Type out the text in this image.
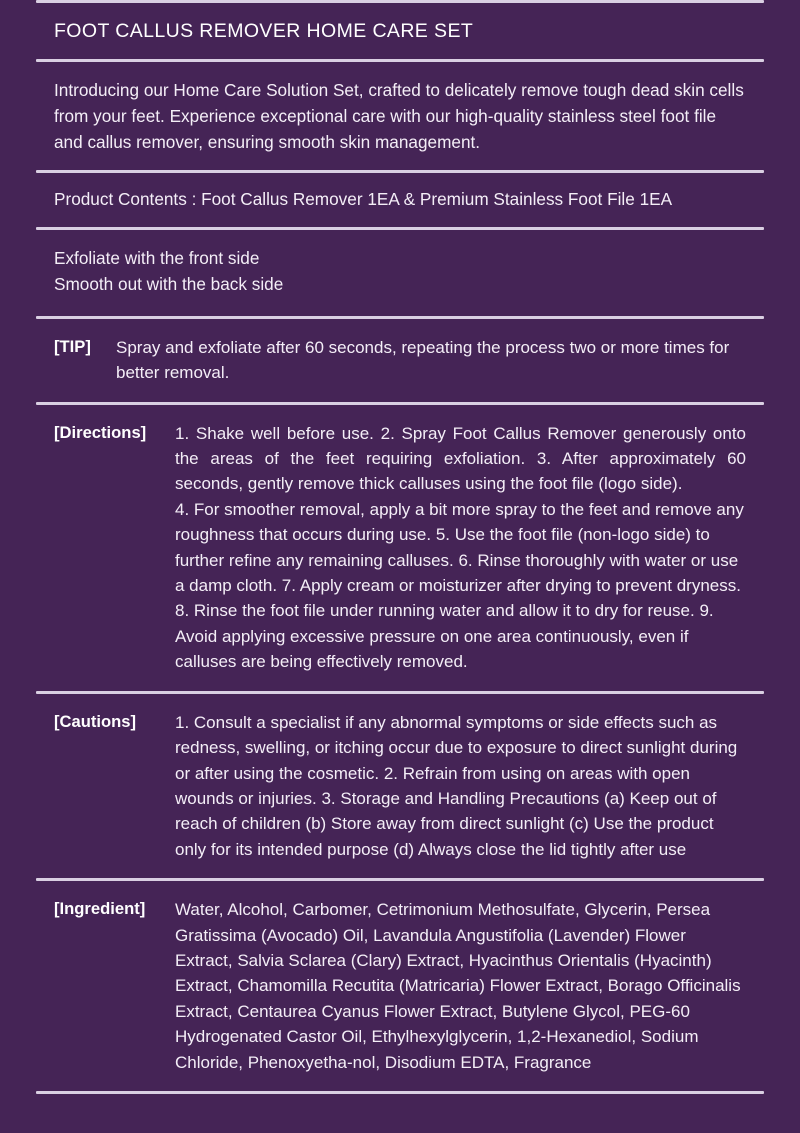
FOOT CALLUS REMOVER HOME CARE SET
Introducing our Home Care Solution Set, crafted to delicately remove tough dead skin cells from your feet. Experience exceptional care with our high-quality stainless steel foot file and callus remover, ensuring smooth skin management.
Product Contents : Foot Callus Remover 1EA & Premium Stainless Foot File 1EA
Exfoliate with the front side
Smooth out with the back side
[TIP]	Spray and exfoliate after 60 seconds, repeating the process two or more times for better removal.
[Directions]	1. Shake well before use. 2. Spray Foot Callus Remover generously onto the areas of the feet requiring exfoliation. 3. After approximately 60 seconds, gently remove thick calluses using the foot file (logo side).

4. For smoother removal, apply a bit more spray to the feet and remove any roughness that occurs during use. 5. Use the foot file (non-logo side) to further refine any remaining calluses. 6. Rinse thoroughly with water or use a damp cloth. 7. Apply cream or moisturizer after drying to prevent dryness. 8. Rinse the foot file under running water and allow it to dry for reuse. 9. Avoid applying excessive pressure on one area continuously, even if calluses are being effectively removed.

[Cautions]	1. Consult a specialist if any abnormal symptoms or side effects such as redness, swelling, or itching occur due to exposure to direct sunlight during or after using the cosmetic. 2. Refrain from using on areas with open wounds or injuries. 3. Storage and Handling Precautions (a) Keep out of reach of children (b) Store away from direct sunlight (c) Use the product only for its intended purpose (d) Always close the lid tightly after use

[Ingredient]	Water, Alcohol, Carbomer, Cetrimonium Methosulfate, Glycerin, Persea Gratissima (Avocado) Oil, Lavandula Angustifolia (Lavender) Flower Extract, Salvia Sclarea (Clary) Extract, Hyacinthus Orientalis (Hyacinth) Extract, Chamomilla Recutita (Matricaria) Flower Extract, Borago Officinalis Extract, Centaurea Cyanus Flower Extract, Butylene Glycol, PEG-60 Hydrogenated Castor Oil, Ethylhexylglycerin, 1,2-Hexanediol, Sodium Chloride, Phenoxyetha-nol, Disodium EDTA, Fragrance
